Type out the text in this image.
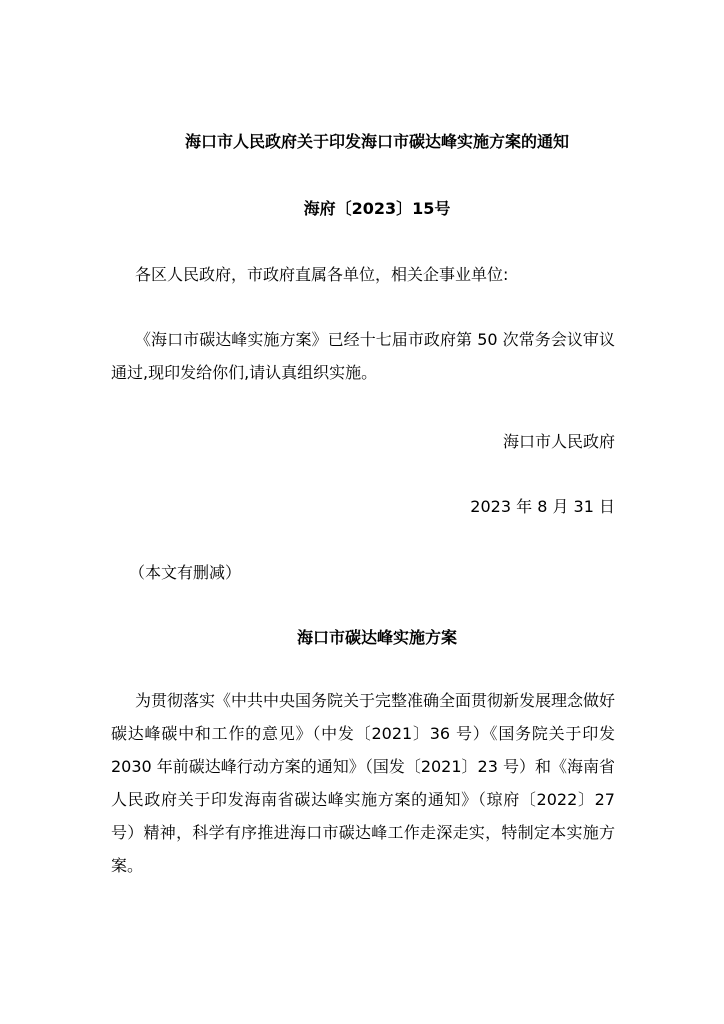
海口市人民政府关于印发海口市碳达峰实施方案的通知
海府〔2023〕15号
各区人民政府，市政府直属各单位，相关企事业单位:
《海口市碳达峰实施方案》已经十七届市政府第 50 次常务会议审议通过,现印发给你们,请认真组织实施。
海口市人民政府
2023 年 8 月 31 日
（本文有删减）
海口市碳达峰实施方案
为贯彻落实《中共中央国务院关于完整准确全面贯彻新发展理念做好碳达峰碳中和工作的意见》（中发〔2021〕36 号）《国务院关于印发 2030 年前碳达峰行动方案的通知》（国发〔2021〕23 号）和《海南省人民政府关于印发海南省碳达峰实施方案的通知》（琼府〔2022〕27 号）精神，科学有序推进海口市碳达峰工作走深走实，特制定本实施方案。
